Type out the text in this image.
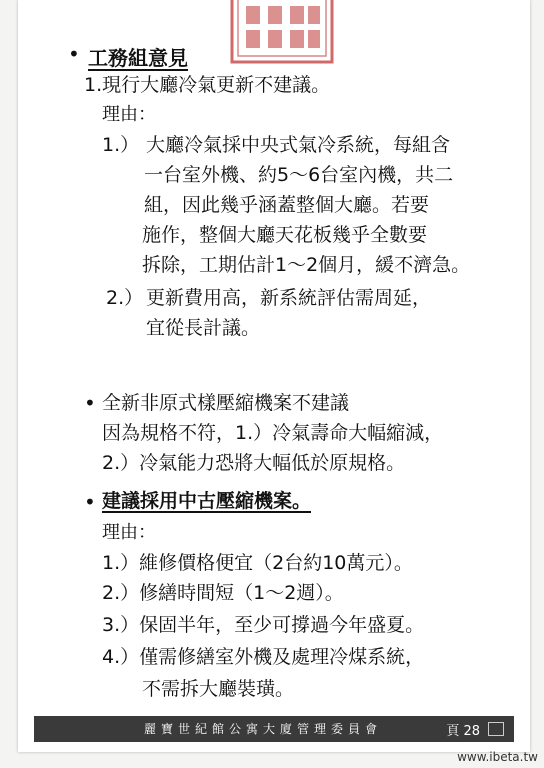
• 工務組意見
1.現行大廳冷氣更新不建議。
理由：
1.） 大廳冷氣採中央式氣冷系統，每組含
一台室外機、約5～6台室內機，共二
組，因此幾乎涵蓋整個大廳。若要
施作，整個大廳天花板幾乎全數要
拆除，工期估計1～2個月，緩不濟急。
2.） 更新費用高，新系統評估需周延，
宜從長計議。
• 全新非原式樣壓縮機案不建議
因為規格不符，1.）冷氣壽命大幅縮減，
2.）冷氣能力恐將大幅低於原規格。
• 建議採用中古壓縮機案。
理由：
1.）維修價格便宜（2台約10萬元）。
2.）修繕時間短（1～2週）。
3.）保固半年，至少可撐過今年盛夏。
4.）僅需修繕室外機及處理冷煤系統，
不需拆大廳裝璜。
麗寶世紀館公寓大廈管理委員會	頁 28
www.ibeta.tw
